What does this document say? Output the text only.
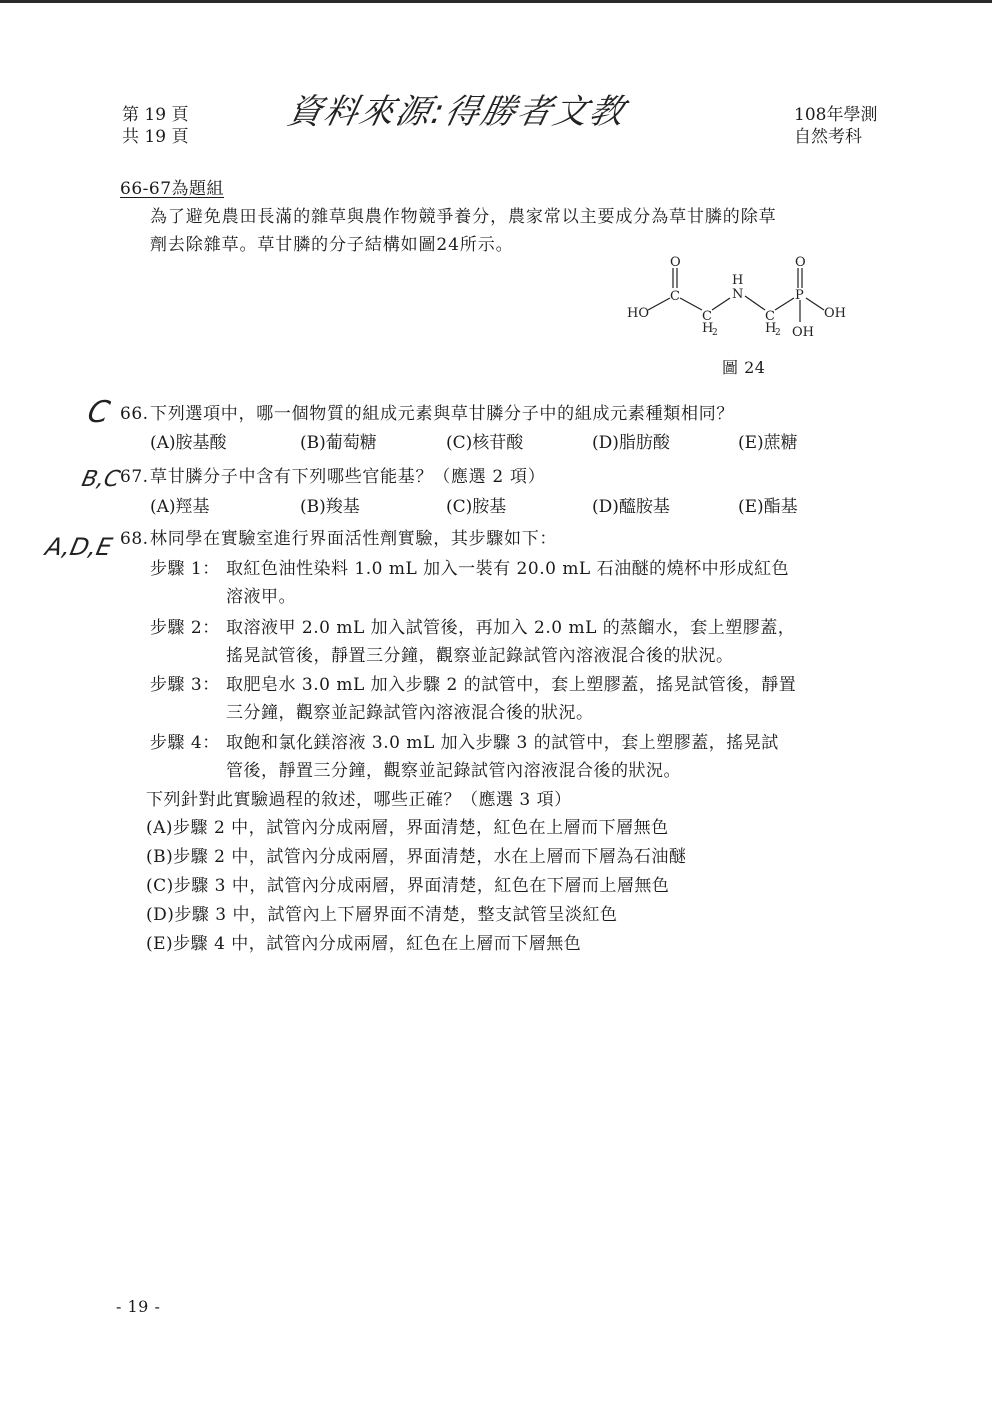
第 19 頁
共 19 頁
資料來源:得勝者文教	108年學測
自然考科
66-67為題組
為了避免農田長滿的雜草與農作物競爭養分，農家常以主要成分為草甘膦的除草
劑去除雜草。草甘膦的分子結構如圖24所示。
O	O
HO
C
C
H
2
H
N
C
H
2
P
OH
OH
圖 24
C 66. 下列選項中，哪一個物質的組成元素與草甘膦分子中的組成元素種類相同？
(A)胺基酸	(B)葡萄糖	(C)核苷酸	(D)脂肪酸	(E)蔗糖
B,C
67. 草甘膦分子中含有下列哪些官能基？（應選 2 項）
(A)羥基	(B)羧基	(C)胺基	(D)醯胺基	(E)酯基
A,D,E 68. 林同學在實驗室進行界面活性劑實驗，其步驟如下：
步驟 1： 取紅色油性染料 1.0 mL 加入一裝有 20.0 mL 石油醚的燒杯中形成紅色
溶液甲。
步驟 2： 取溶液甲 2.0 mL 加入試管後，再加入 2.0 mL 的蒸餾水，套上塑膠蓋，
搖晃試管後，靜置三分鐘，觀察並記錄試管內溶液混合後的狀況。
步驟 3： 取肥皂水 3.0 mL 加入步驟 2 的試管中，套上塑膠蓋，搖晃試管後，靜置
三分鐘，觀察並記錄試管內溶液混合後的狀況。
步驟 4： 取飽和氯化鎂溶液 3.0 mL 加入步驟 3 的試管中，套上塑膠蓋，搖晃試
管後，靜置三分鐘，觀察並記錄試管內溶液混合後的狀況。
下列針對此實驗過程的敘述，哪些正確？（應選 3 項）
(A)步驟 2 中，試管內分成兩層，界面清楚，紅色在上層而下層無色
(B)步驟 2 中，試管內分成兩層，界面清楚，水在上層而下層為石油醚
(C)步驟 3 中，試管內分成兩層，界面清楚，紅色在下層而上層無色
(D)步驟 3 中，試管內上下層界面不清楚，整支試管呈淡紅色
(E)步驟 4 中，試管內分成兩層，紅色在上層而下層無色
- 19 -
